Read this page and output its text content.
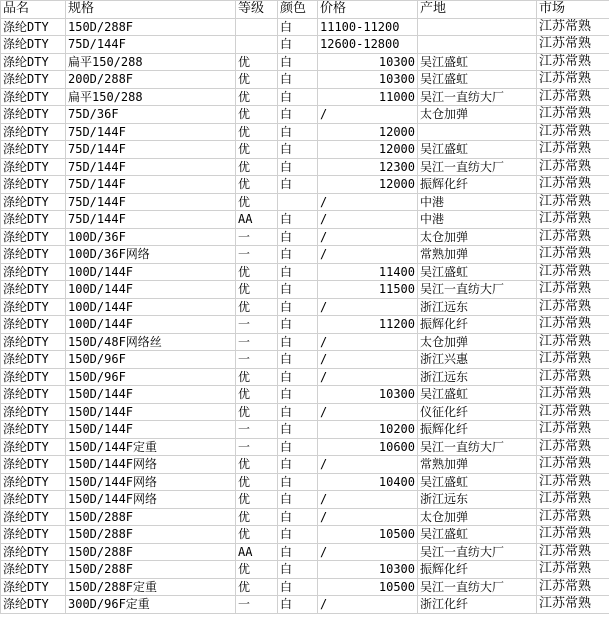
品名	规格	等级	颜色	价格	产地	市场
涤纶DTY	150D/288F		白	11100-11200		江苏常熟
涤纶DTY	75D/144F		白	12600-12800		江苏常熟
涤纶DTY	扁平150/288	优	白	10300	吴江盛虹	江苏常熟
涤纶DTY	200D/288F	优	白	10300	吴江盛虹	江苏常熟
涤纶DTY	扁平150/288	优	白	11000	吴江一直纺大厂	江苏常熟
涤纶DTY	75D/36F	优	白	/	太仓加弹	江苏常熟
涤纶DTY	75D/144F	优	白	12000		江苏常熟
涤纶DTY	75D/144F	优	白	12000	吴江盛虹	江苏常熟
涤纶DTY	75D/144F	优	白	12300	吴江一直纺大厂	江苏常熟
涤纶DTY	75D/144F	优	白	12000	振辉化纤	江苏常熟
涤纶DTY	75D/144F	优		/	中港	江苏常熟
涤纶DTY	75D/144F	AA	白	/	中港	江苏常熟
涤纶DTY	100D/36F	一	白	/	太仓加弹	江苏常熟
涤纶DTY	100D/36F网络	一	白	/	常熟加弹	江苏常熟
涤纶DTY	100D/144F	优	白	11400	吴江盛虹	江苏常熟
涤纶DTY	100D/144F	优	白	11500	吴江一直纺大厂	江苏常熟
涤纶DTY	100D/144F	优	白	/	浙江远东	江苏常熟
涤纶DTY	100D/144F	一	白	11200	振辉化纤	江苏常熟
涤纶DTY	150D/48F网络丝	一	白	/	太仓加弹	江苏常熟
涤纶DTY	150D/96F	一	白	/	浙江兴惠	江苏常熟
涤纶DTY	150D/96F	优	白	/	浙江远东	江苏常熟
涤纶DTY	150D/144F	优	白	10300	吴江盛虹	江苏常熟
涤纶DTY	150D/144F	优	白	/	仪征化纤	江苏常熟
涤纶DTY	150D/144F	一	白	10200	振辉化纤	江苏常熟
涤纶DTY	150D/144F定重	一	白	10600	吴江一直纺大厂	江苏常熟
涤纶DTY	150D/144F网络	优	白	/	常熟加弹	江苏常熟
涤纶DTY	150D/144F网络	优	白	10400	吴江盛虹	江苏常熟
涤纶DTY	150D/144F网络	优	白	/	浙江远东	江苏常熟
涤纶DTY	150D/288F	优	白	/	太仓加弹	江苏常熟
涤纶DTY	150D/288F	优	白	10500	吴江盛虹	江苏常熟
涤纶DTY	150D/288F	AA	白	/	吴江一直纺大厂	江苏常熟
涤纶DTY	150D/288F	优	白	10300	振辉化纤	江苏常熟
涤纶DTY	150D/288F定重	优	白	10500	吴江一直纺大厂	江苏常熟
涤纶DTY	300D/96F定重	一	白	/	浙江化纤	江苏常熟
